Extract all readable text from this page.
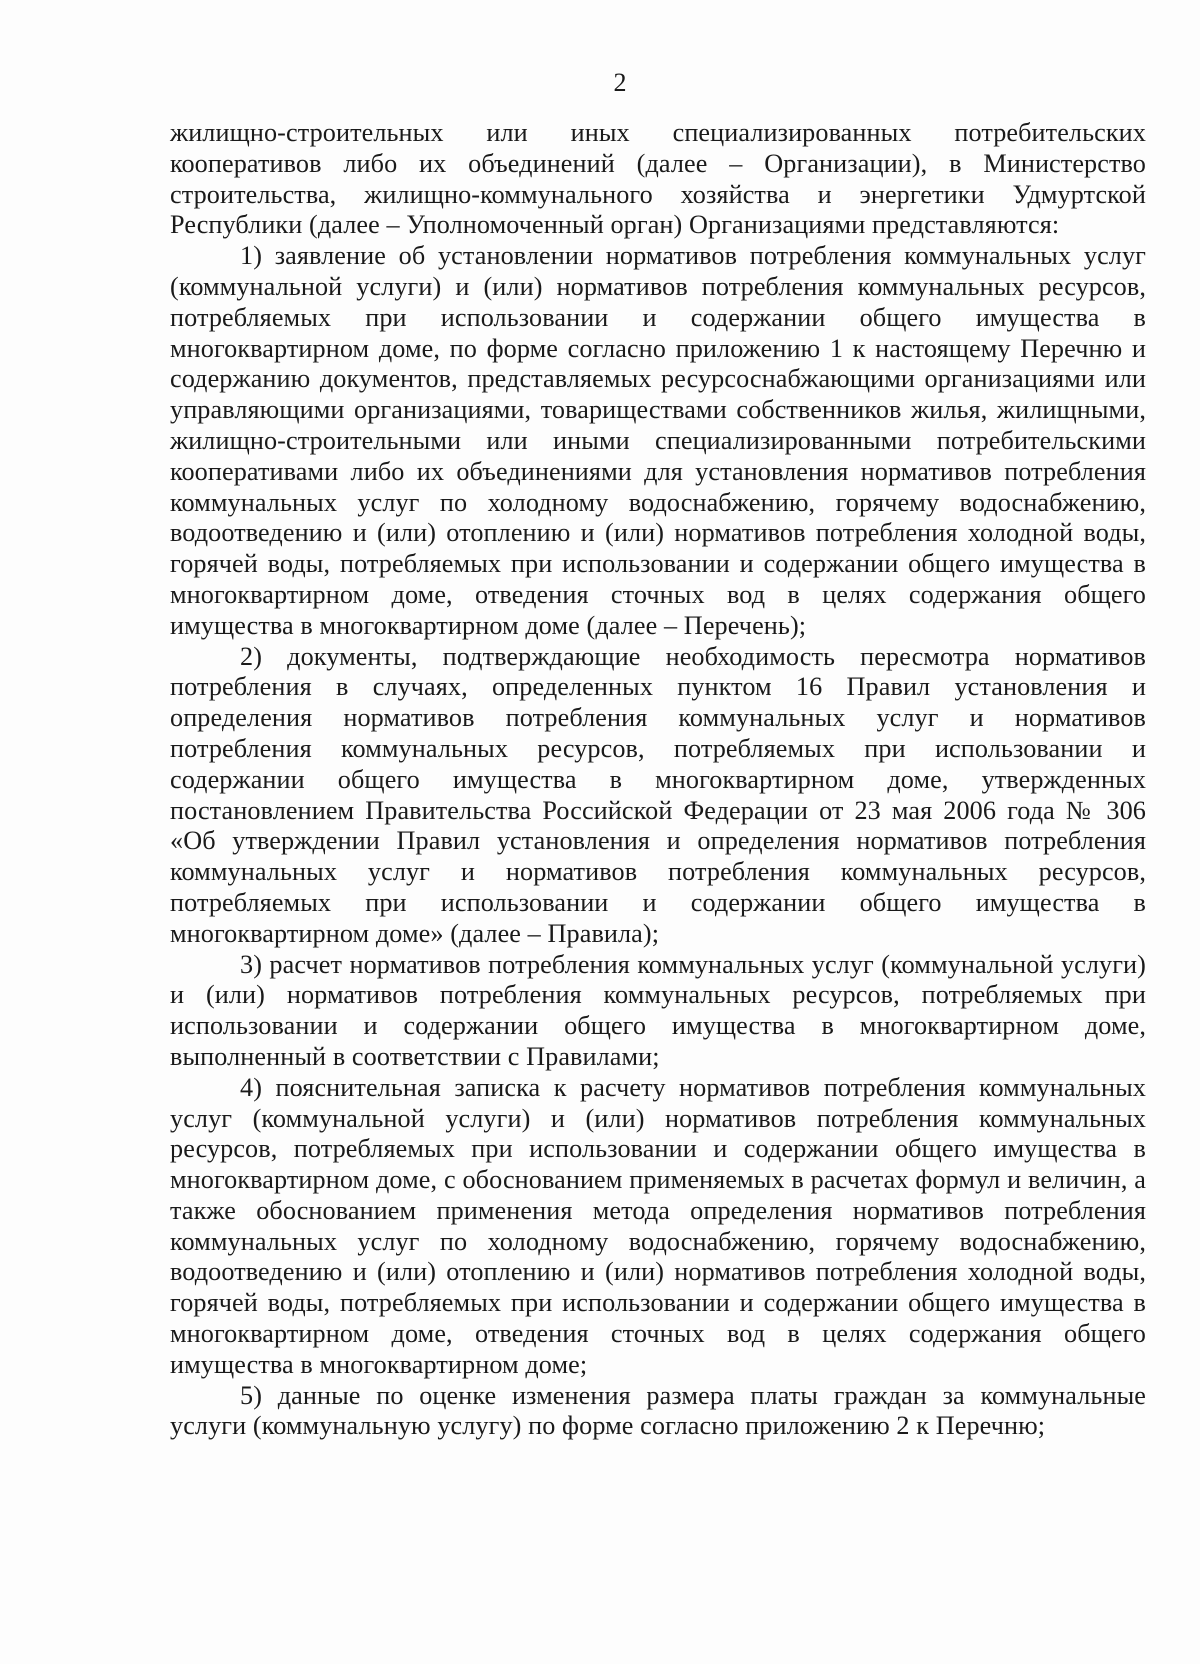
2

жилищно-строительных или иных специализированных потребительских кооперативов либо их объединений (далее – Организации), в Министерство строительства, жилищно-коммунального хозяйства и энергетики Удмуртской Республики (далее – Уполномоченный орган) Организациями представляются:

1) заявление об установлении нормативов потребления коммунальных услуг (коммунальной услуги) и (или) нормативов потребления коммунальных ресурсов, потребляемых при использовании и содержании общего имущества в многоквартирном доме, по форме согласно приложению 1 к настоящему Перечню и содержанию документов, представляемых ресурсоснабжающими организациями или управляющими организациями, товариществами собственников жилья, жилищными, жилищно-строительными или иными специализированными потребительскими кооперативами либо их объединениями для установления нормативов потребления коммунальных услуг по холодному водоснабжению, горячему водоснабжению, водоотведению и (или) отоплению и (или) нормативов потребления холодной воды, горячей воды, потребляемых при использовании и содержании общего имущества в многоквартирном доме, отведения сточных вод в целях содержания общего имущества в многоквартирном доме (далее – Перечень);

2) документы, подтверждающие необходимость пересмотра нормативов потребления в случаях, определенных пунктом 16 Правил установления и определения нормативов потребления коммунальных услуг и нормативов потребления коммунальных ресурсов, потребляемых при использовании и содержании общего имущества в многоквартирном доме, утвержденных постановлением Правительства Российской Федерации от 23 мая 2006 года № 306 «Об утверждении Правил установления и определения нормативов потребления коммунальных услуг и нормативов потребления коммунальных ресурсов, потребляемых при использовании и содержании общего имущества в многоквартирном доме» (далее – Правила);

3) расчет нормативов потребления коммунальных услуг (коммунальной услуги) и (или) нормативов потребления коммунальных ресурсов, потребляемых при использовании и содержании общего имущества в многоквартирном доме, выполненный в соответствии с Правилами;

4) пояснительная записка к расчету нормативов потребления коммунальных услуг (коммунальной услуги) и (или) нормативов потребления коммунальных ресурсов, потребляемых при использовании и содержании общего имущества в многоквартирном доме, с обоснованием применяемых в расчетах формул и величин, а также обоснованием применения метода определения нормативов потребления коммунальных услуг по холодному водоснабжению, горячему водоснабжению, водоотведению и (или) отоплению и (или) нормативов потребления холодной воды, горячей воды, потребляемых при использовании и содержании общего имущества в многоквартирном доме, отведения сточных вод в целях содержания общего имущества в многоквартирном доме;

5) данные по оценке изменения размера платы граждан за коммунальные услуги (коммунальную услугу) по форме согласно приложению 2 к Перечню;
